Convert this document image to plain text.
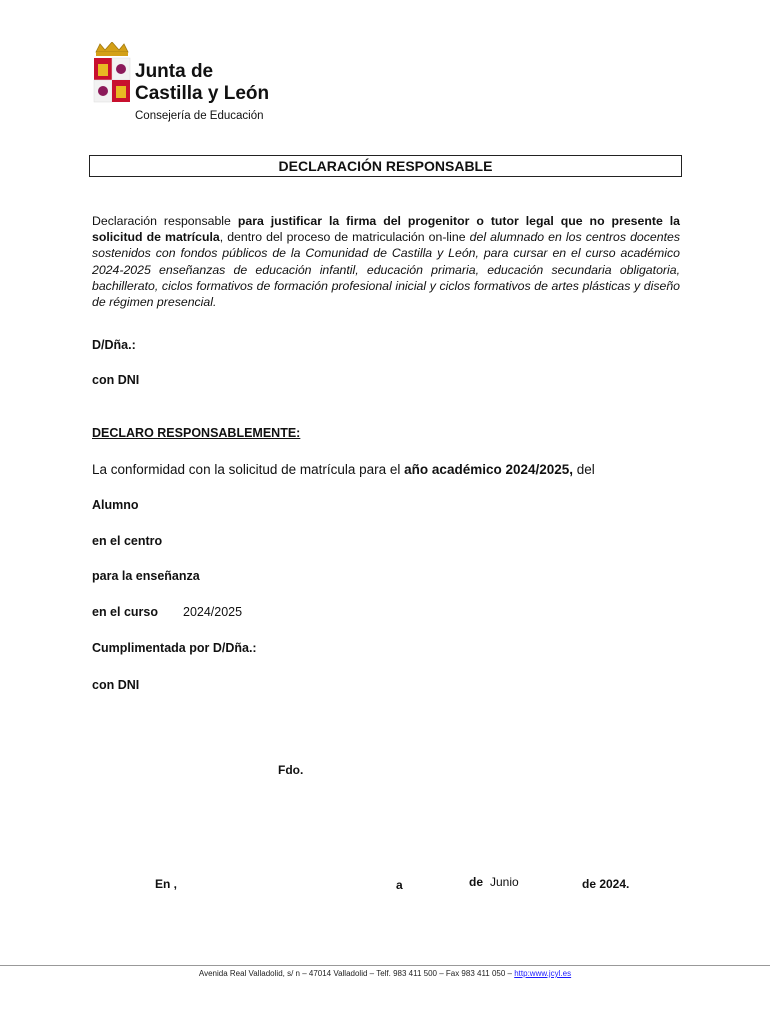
Junta de
Castilla y León
Consejería de Educación
DECLARACIÓN RESPONSABLE
Declaración responsable para justificar la firma del progenitor o tutor legal que no presente la solicitud de matrícula, dentro del proceso de matriculación on-line del alumnado en los centros docentes sostenidos con fondos públicos de la Comunidad de Castilla y León, para cursar en el curso académico 2024-2025 enseñanzas de educación infantil, educación primaria, educación secundaria obligatoria, bachillerato, ciclos formativos de formación profesional inicial y ciclos formativos de artes plásticas y diseño de régimen presencial.
D/Dña.:
con DNI
DECLARO RESPONSABLEMENTE:
La conformidad con la solicitud de matrícula para el año académico 2024/2025, del
Alumno
en el centro
para la enseñanza
en el curso 2024/2025
Cumplimentada por D/Dña.:
con DNI
Fdo.
En ,	a	de Junio	de 2024.
Avenida Real Valladolid, s/ n – 47014 Valladolid – Telf. 983 411 500 – Fax 983 411 050 – http:www.jcyl.es
